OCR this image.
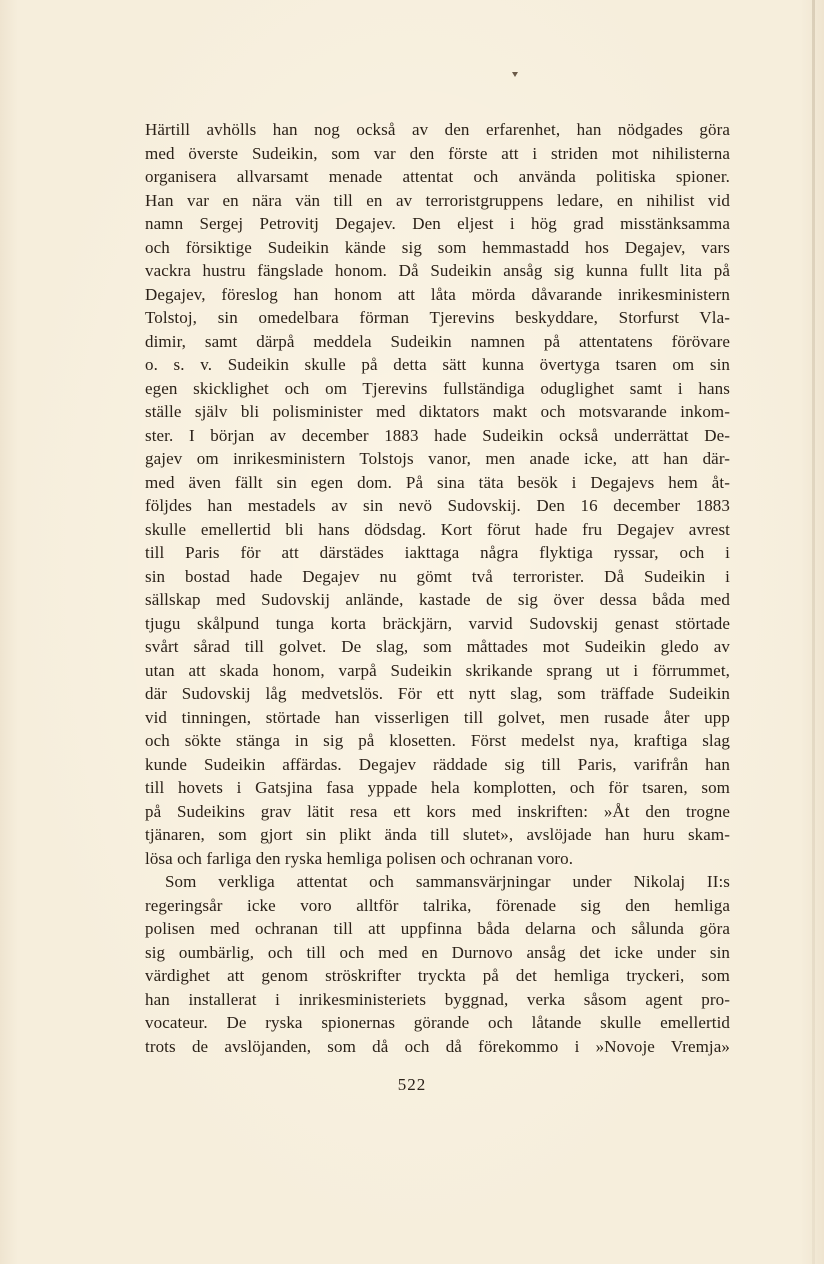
Härtill avhölls han nog också av den erfarenhet, han nödgades göra
med överste Sudeikin, som var den förste att i striden mot nihilisterna
organisera allvarsamt menade attentat och använda politiska spioner.
Han var en nära vän till en av terroristgruppens ledare, en nihilist vid
namn Sergej Petrovitj Degajev. Den eljest i hög grad misstänksamma
och försiktige Sudeikin kände sig som hemmastadd hos Degajev, vars
vackra hustru fängslade honom. Då Sudeikin ansåg sig kunna fullt lita på
Degajev, föreslog han honom att låta mörda dåvarande inrikesministern
Tolstoj, sin omedelbara förman Tjerevins beskyddare, Storfurst Vla-
dimir, samt därpå meddela Sudeikin namnen på attentatens förövare
o. s. v. Sudeikin skulle på detta sätt kunna övertyga tsaren om sin
egen skicklighet och om Tjerevins fullständiga oduglighet samt i hans
ställe själv bli polisminister med diktators makt och motsvarande inkom-
ster. I början av december 1883 hade Sudeikin också underrättat De-
gajev om inrikesministern Tolstojs vanor, men anade icke, att han där-
med även fällt sin egen dom. På sina täta besök i Degajevs hem åt-
följdes han mestadels av sin nevö Sudovskij. Den 16 december 1883
skulle emellertid bli hans dödsdag. Kort förut hade fru Degajev avrest
till Paris för att därstädes iakttaga några flyktiga ryssar, och i
sin bostad hade Degajev nu gömt två terrorister. Då Sudeikin i
sällskap med Sudovskij anlände, kastade de sig över dessa båda med
tjugu skålpund tunga korta bräckjärn, varvid Sudovskij genast störtade
svårt sårad till golvet. De slag, som måttades mot Sudeikin gledo av
utan att skada honom, varpå Sudeikin skrikande sprang ut i förrummet,
där Sudovskij låg medvetslös. För ett nytt slag, som träffade Sudeikin
vid tinningen, störtade han visserligen till golvet, men rusade åter upp
och sökte stänga in sig på klosetten. Först medelst nya, kraftiga slag
kunde Sudeikin affärdas. Degajev räddade sig till Paris, varifrån han
till hovets i Gatsjina fasa yppade hela komplotten, och för tsaren, som
på Sudeikins grav lätit resa ett kors med inskriften: »Åt den trogne
tjänaren, som gjort sin plikt ända till slutet», avslöjade han huru skam-
lösa och farliga den ryska hemliga polisen och ochranan voro.
Som verkliga attentat och sammansvärjningar under Nikolaj II:s
regeringsår icke voro alltför talrika, förenade sig den hemliga
polisen med ochranan till att uppfinna båda delarna och sålunda göra
sig oumbärlig, och till och med en Durnovo ansåg det icke under sin
värdighet att genom ströskrifter tryckta på det hemliga tryckeri, som
han installerat i inrikesministeriets byggnad, verka såsom agent pro-
vocateur. De ryska spionernas görande och låtande skulle emellertid
trots de avslöjanden, som då och då förekommo i »Novoje Vremja»
522
